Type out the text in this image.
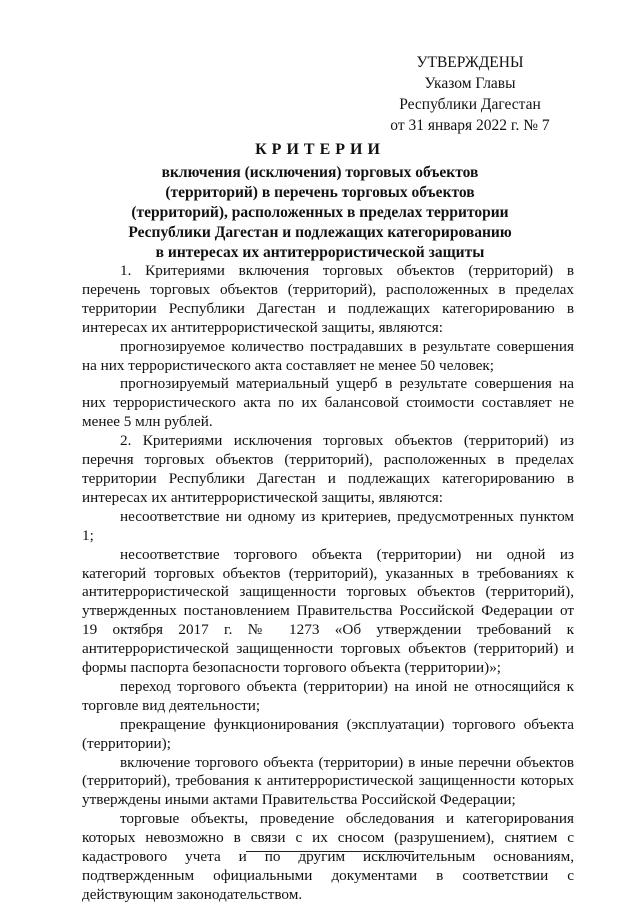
УТВЕРЖДЕНЫ
Указом Главы
Республики Дагестан
от 31 января 2022 г. № 7
КРИТЕРИИ
включения (исключения) торговых объектов
(территорий) в перечень торговых объектов
(территорий), расположенных в пределах территории
Республики Дагестан и подлежащих категорированию
в интересах их антитеррористической защиты

1. Критериями включения торговых объектов (территорий) в перечень торговых объектов (территорий), расположенных в пределах территории Республики Дагестан и подлежащих категорированию в интересах их антитеррористической защиты, являются:

прогнозируемое количество пострадавших в результате совершения на них террористического акта составляет не менее 50 человек;

прогнозируемый материальный ущерб в результате совершения на них террористического акта по их балансовой стоимости составляет не менее 5 млн рублей.

2. Критериями исключения торговых объектов (территорий) из перечня торговых объектов (территорий), расположенных в пределах территории Республики Дагестан и подлежащих категорированию в интересах их антитеррористической защиты, являются:

несоответствие ни одному из критериев, предусмотренных пунктом 1;

несоответствие торгового объекта (территории) ни одной из категорий торговых объектов (территорий), указанных в требованиях к антитеррористической защищенности торговых объектов (территорий), утвержденных постановлением Правительства Российской Федерации от 19 октября 2017 г. № 1273 «Об утверждении требований к антитеррористической защищенности торговых объектов (территорий) и формы паспорта безопасности торгового объекта (территории)»;

переход торгового объекта (территории) на иной не относящийся к торговле вид деятельности;

прекращение функционирования (эксплуатации) торгового объекта (территории);

включение торгового объекта (территории) в иные перечни объектов (территорий), требования к антитеррористической защищенности которых утверждены иными актами Правительства Российской Федерации;

торговые объекты, проведение обследования и категорирования которых невозможно в связи с их сносом (разрушением), снятием с кадастрового учета и по другим исключительным основаниям, подтвержденным официальными документами в соответствии с действующим законодательством.
